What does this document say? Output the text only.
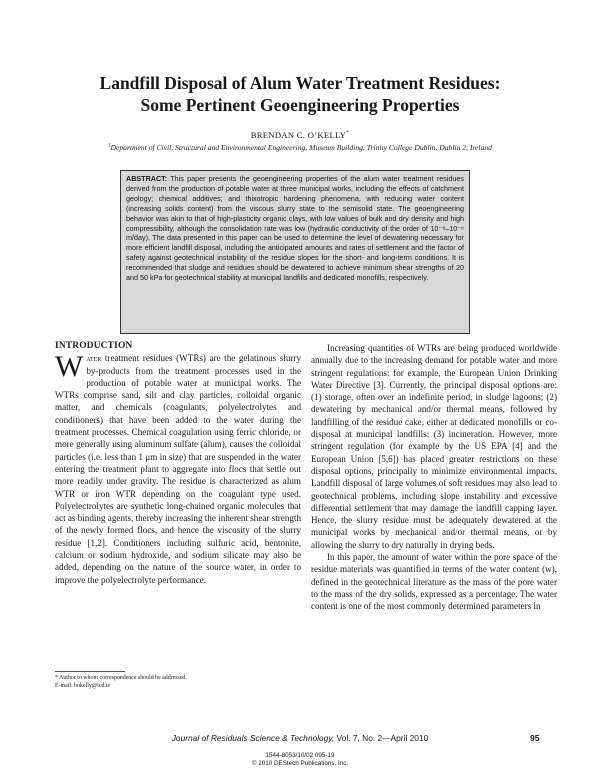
Landfill Disposal of Alum Water Treatment Residues:
Some Pertinent Geoengineering Properties
BRENDAN C. O’KELLY*
$^1$Department of Civil, Structural and Environmental Engineering, Museum Building, Trinity College Dublin, Dublin 2, Ireland
ABSTRACT: This paper presents the geoengineering properties of the alum water treatment residues derived from the production of potable water at three municipal works, including the effects of catchment geology; chemical additives; and thixotropic hardening phenomena, with reducing water content (increasing solids content) from the viscous slurry state to the semisolid state. The geoengineering behavior was akin to that of high-plasticity organic clays, with low values of bulk and dry density and high compressibility, although the consolidation rate was low (hydraulic conductivity of the order of 10⁻⁸–10⁻⁶ m/day). The data presented in this paper can be used to determine the level of dewatering necessary for more efficient landfill disposal, including the anticipated amounts and rates of settlement and the factor of safety against geotechnical instability of the residue slopes for the short- and long-term conditions. It is recommended that sludge and residues should be dewatered to achieve minimum shear strengths of 20 and 50 kPa for geotechnical stability at municipal landfills and dedicated monofills, respectively.

INTRODUCTION

Water treatment residues (WTRs) are the gelatinous slurry by-products from the treatment processes used in the production of potable water at municipal works. The WTRs comprise sand, silt and clay particles, colloidal organic matter, and chemicals (coagulants, polyelectrolytes and conditioners) that have been added to the water during the treatment processes. Chemical coagulation using ferric chloride, or more generally using aluminum sulfate (alum), causes the colloidal particles (i.e. less than 1 μm in size) that are suspended in the water entering the treatment plant to aggregate into flocs that settle out more readily under gravity. The residue is characterized as alum WTR or iron WTR depending on the coagulant type used. Polyelectrolytes are synthetic long-chained organic molecules that act as binding agents, thereby increasing the inherent shear strength of the newly formed flocs, and hence the viscosity of the slurry residue [1,2]. Conditioners including sulfuric acid, bentonite, calcium or sodium hydroxide, and sodium silicate may also be added, depending on the nature of the source water, in order to improve the polyelectrolyte performance.

Increasing quantities of WTRs are being produced worldwide annually due to the increasing demand for potable water and more stringent regulations: for example, the European Union Drinking Water Directive [3]. Currently, the principal disposal options are: (1) storage, often over an indefinite period, in sludge lagoons; (2) dewatering by mechanical and/or thermal means, followed by landfilling of the residue cake, either at dedicated monofills or co-disposal at municipal landfills; (3) incineration. However, more stringent regulation (for example by the US EPA [4] and the European Union [5,6]) has placed greater restrictions on these disposal options, principally to minimize environmental impacts. Landfill disposal of large volumes of soft residues may also lead to geotechnical problems, including slope instability and excessive differential settlement that may damage the landfill capping layer. Hence, the slurry residue must be adequately dewatered at the municipal works by mechanical and/or thermal means, or by allowing the slurry to dry naturally in drying beds.

In this paper, the amount of water within the pore space of the residue materials was quantified in terms of the water content (w), defined in the geotechnical literature as the mass of the pore water to the mass of the dry solids, expressed as a percentage. The water content is one of the most commonly determined parameters in

* Author to whom correspondence should be addressed.
E-mail: bokelly@tcd.ie
Journal of Residuals Science & Technology, Vol. 7, No. 2—April 2010	95
1544-8053/10/02 095-19
© 2010 DEStech Publications, Inc.
